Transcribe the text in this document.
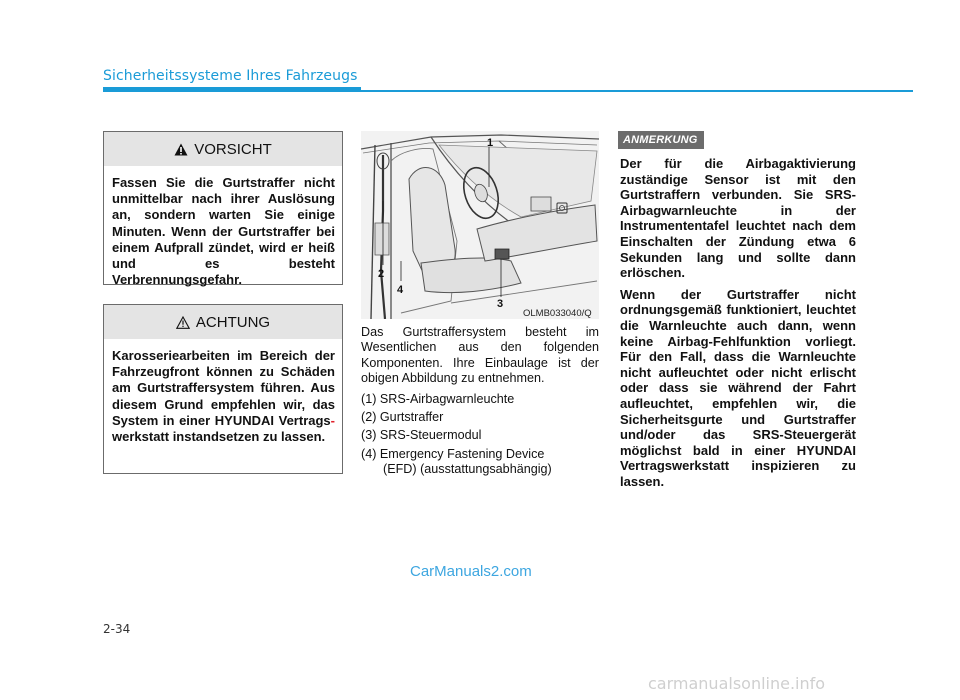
Sicherheitssysteme Ihres Fahrzeugs
VORSICHT
Fassen Sie die Gurtstraffer nicht unmittelbar nach ihrer Auslösung an, sondern warten Sie einige Minuten. Wenn der Gurtstraffer bei einem Aufprall zündet, wird er heiß und es besteht Verbrennungsgefahr.
ACHTUNG
Karosseriearbeiten im Bereich der Fahrzeugfront können zu Schäden am Gurtstraffersystem führen. Aus diesem Grund empfehlen wir, das System in einer HYUNDAI Vertrags- werkstatt instandsetzen zu lassen.
1
2
3
4
OLMB033040/Q

Das Gurtstraffersystem besteht im Wesentlichen aus den folgenden Komponenten. Ihre Einbaulage ist der obigen Abbildung zu entnehmen.

(1) SRS-Airbagwarnleuchte
(2) Gurtstraffer
(3) SRS-Steuermodul
(4) Emergency Fastening Device
(EFD) (ausstattungsabhängig)
ANMERKUNG

Der für die Airbagaktivierung zuständige Sensor ist mit den Gurtstraffern verbunden. Sie SRS-Airbagwarnleuchte in der Instrumententafel leuchtet nach dem Einschalten der Zündung etwa 6 Sekunden lang und sollte dann erlöschen.

Wenn der Gurtstraffer nicht ordnungsgemäß funktioniert, leuchtet die Warnleuchte auch dann, wenn keine Airbag-Fehlfunktion vorliegt. Für den Fall, dass die Warnleuchte nicht aufleuchtet oder nicht erlischt oder dass sie während der Fahrt aufleuchtet, empfehlen wir, die Sicherheitsgurte und Gurtstraffer und/oder das SRS-Steuergerät möglichst bald in einer HYUNDAI Vertragswerkstatt inspizieren zu lassen.

CarManuals2.com
2-34
carmanualsonline.info
